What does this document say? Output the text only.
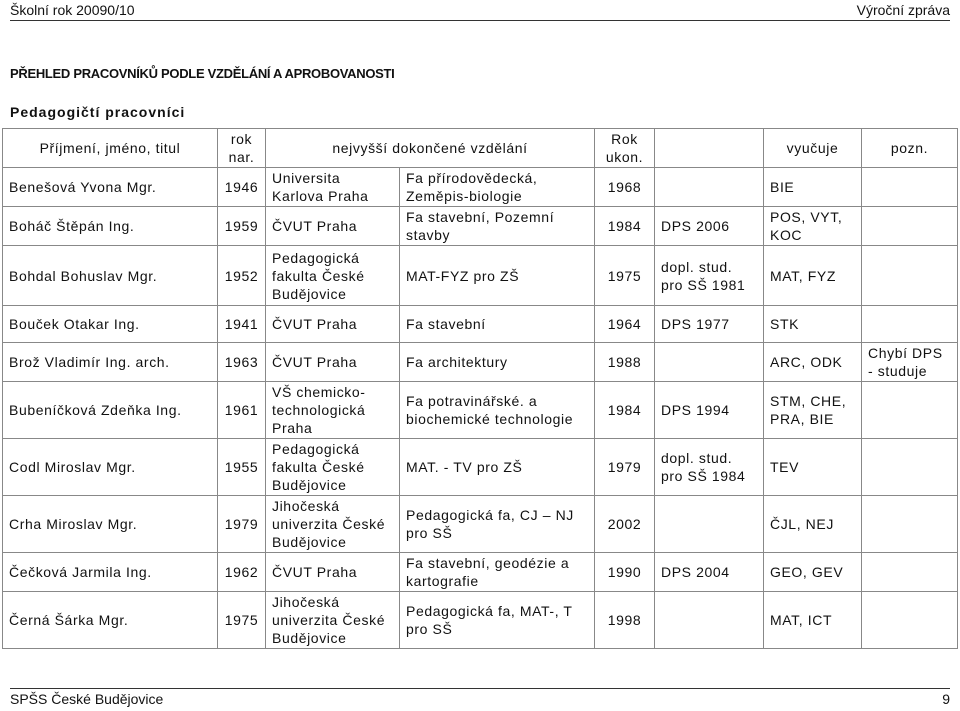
Školní rok 20090/10	Výroční zpráva
PŘEHLED PRACOVNÍKŮ PODLE VZDĚLÁNÍ A APROBOVANOSTI
Pedagogičtí pracovníci
Příjmení, jméno, titul	rok nar.	nejvyšší dokončené vzdělání		Rok ukon.		vyučuje	pozn.
Benešová Yvona Mgr.	1946	Universita Karlova Praha	Fa přírodovědecká, Zeměpis-biologie	1968		BIE	
Boháč Štěpán Ing.	1959	ČVUT Praha	Fa stavební, Pozemní stavby	1984	DPS 2006	POS, VYT, KOC	
Bohdal Bohuslav Mgr.	1952	Pedagogická fakulta České Budějovice	MAT-FYZ pro ZŠ	1975	dopl. stud. pro SŠ 1981	MAT, FYZ	
Bouček Otakar Ing.	1941	ČVUT Praha	Fa stavební	1964	DPS 1977	STK	
Brož Vladimír Ing. arch.	1963	ČVUT Praha	Fa architektury	1988		ARC, ODK	Chybí DPS - studuje
Bubeníčková Zdeňka Ing.	1961	VŠ chemicko-technologická Praha	Fa potravinářské. a biochemické technologie	1984	DPS 1994	STM, CHE, PRA, BIE	
Codl Miroslav Mgr.	1955	Pedagogická fakulta České Budějovice	MAT. - TV pro ZŠ	1979	dopl. stud. pro SŠ 1984	TEV	
Crha Miroslav Mgr.	1979	Jihočeská univerzita České Budějovice	Pedagogická fa, CJ – NJ pro SŠ	2002		ČJL, NEJ	
Čečková Jarmila Ing.	1962	ČVUT Praha	Fa stavební, geodézie a kartografie	1990	DPS 2004	GEO, GEV	
Černá Šárka Mgr.	1975	Jihočeská univerzita České Budějovice	Pedagogická fa, MAT-, T pro SŠ	1998		MAT, ICT	
SPŠS České Budějovice	9
